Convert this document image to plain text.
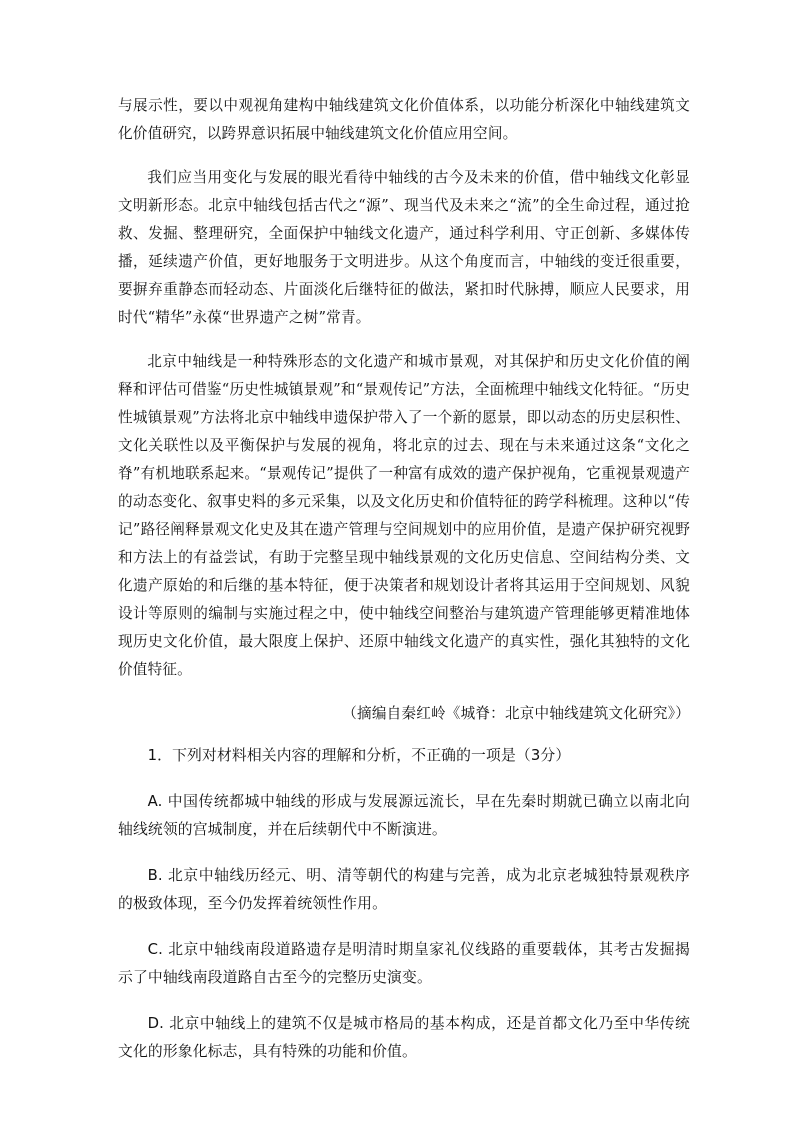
与展示性，要以中观视角建构中轴线建筑文化价值体系，以功能分析深化中轴线建筑文化价值研究，以跨界意识拓展中轴线建筑文化价值应用空间。

我们应当用变化与发展的眼光看待中轴线的古今及未来的价值，借中轴线文化彰显文明新形态。北京中轴线包括古代之“源”、现当代及未来之“流”的全生命过程，通过抢救、发掘、整理研究，全面保护中轴线文化遗产，通过科学利用、守正创新、多媒体传播，延续遗产价值，更好地服务于文明进步。从这个角度而言，中轴线的变迁很重要，要摒弃重静态而轻动态、片面淡化后继特征的做法，紧扣时代脉搏，顺应人民要求，用时代“精华”永葆“世界遗产之树”常青。

北京中轴线是一种特殊形态的文化遗产和城市景观，对其保护和历史文化价值的阐释和评估可借鉴“历史性城镇景观”和“景观传记”方法，全面梳理中轴线文化特征。“历史性城镇景观”方法将北京中轴线申遗保护带入了一个新的愿景，即以动态的历史层积性、文化关联性以及平衡保护与发展的视角，将北京的过去、现在与未来通过这条“文化之脊”有机地联系起来。“景观传记”提供了一种富有成效的遗产保护视角，它重视景观遗产的动态变化、叙事史料的多元采集，以及文化历史和价值特征的跨学科梳理。这种以“传记”路径阐释景观文化史及其在遗产管理与空间规划中的应用价值，是遗产保护研究视野和方法上的有益尝试，有助于完整呈现中轴线景观的文化历史信息、空间结构分类、文化遗产原始的和后继的基本特征，便于决策者和规划设计者将其运用于空间规划、风貌设计等原则的编制与实施过程之中，使中轴线空间整治与建筑遗产管理能够更精准地体现历史文化价值，最大限度上保护、还原中轴线文化遗产的真实性，强化其独特的文化价值特征。

（摘编自秦红岭《城脊：北京中轴线建筑文化研究》）

1．下列对材料相关内容的理解和分析，不正确的一项是（3分）

A. 中国传统都城中轴线的形成与发展源远流长，早在先秦时期就已确立以南北向轴线统领的宫城制度，并在后续朝代中不断演进。

B. 北京中轴线历经元、明、清等朝代的构建与完善，成为北京老城独特景观秩序的极致体现，至今仍发挥着统领性作用。

C. 北京中轴线南段道路遗存是明清时期皇家礼仪线路的重要载体，其考古发掘揭示了中轴线南段道路自古至今的完整历史演变。

D. 北京中轴线上的建筑不仅是城市格局的基本构成，还是首都文化乃至中华传统文化的形象化标志，具有特殊的功能和价值。
